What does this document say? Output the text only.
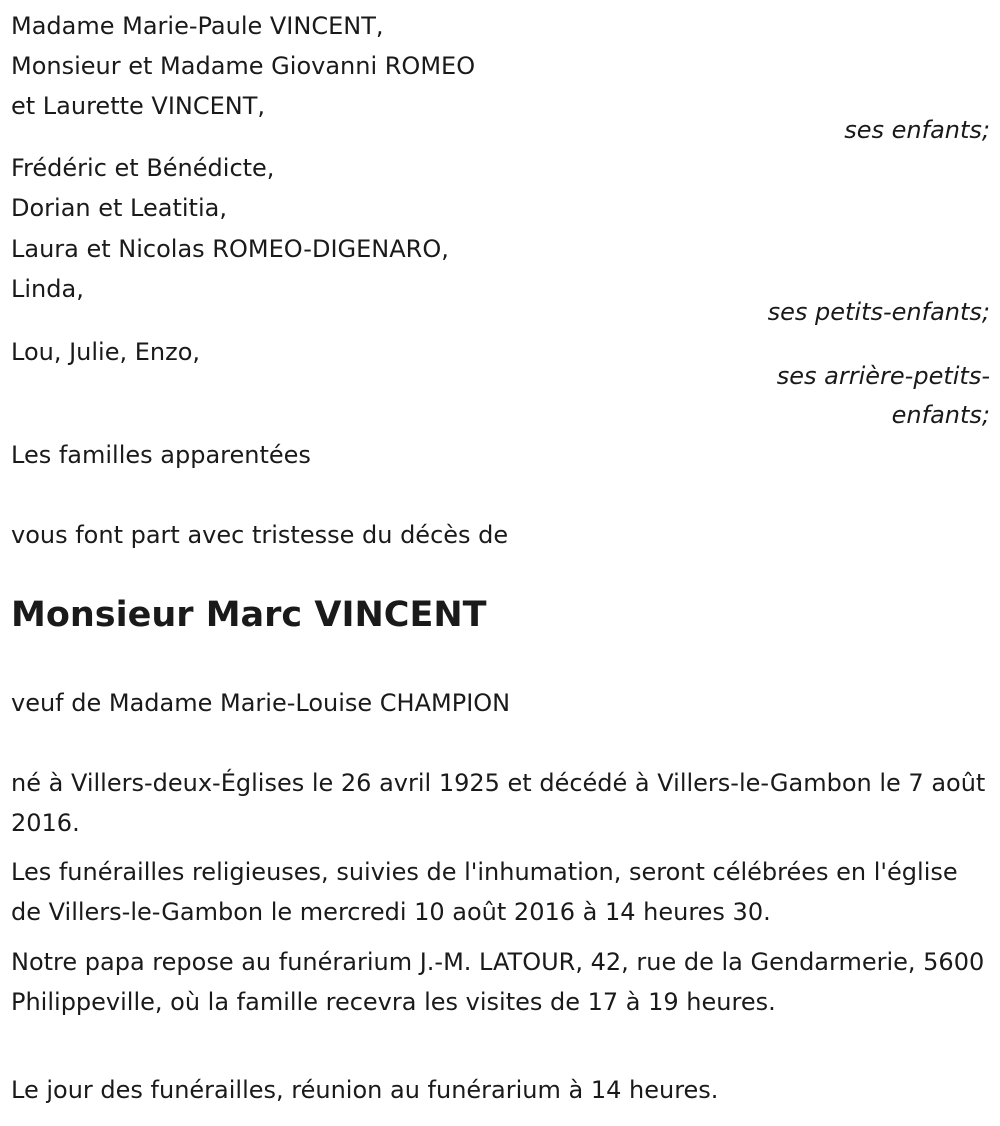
Madame Marie-Paule VINCENT,
Monsieur et Madame Giovanni ROMEO
et Laurette VINCENT,
ses enfants;
Frédéric et Bénédicte,
Dorian et Leatitia,
Laura et Nicolas ROMEO-DIGENARO,
Linda,
ses petits-enfants;
Lou, Julie, Enzo,
ses arrière-petits-
enfants;
Les familles apparentées
vous font part avec tristesse du décès de
Monsieur Marc VINCENT
veuf de Madame Marie-Louise CHAMPION
né à Villers-deux-Églises le 26 avril 1925 et décédé à Villers-le-Gambon le 7 août 2016.
Les funérailles religieuses, suivies de l'inhumation, seront célébrées en l'église de Villers-le-Gambon le mercredi 10 août 2016 à 14 heures 30.
Notre papa repose au funérarium J.-M. LATOUR, 42, rue de la Gendarmerie, 5600 Philippeville, où la famille recevra les visites de 17 à 19 heures.
Le jour des funérailles, réunion au funérarium à 14 heures.
